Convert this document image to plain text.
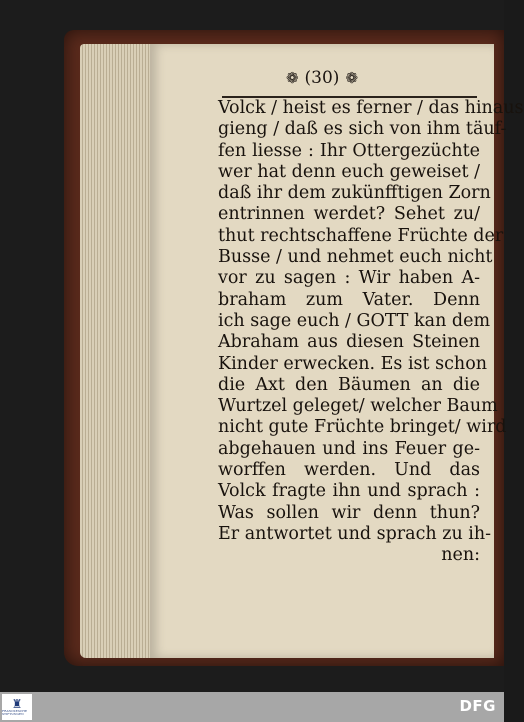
❁ (30) ❁
Volck / heist es ferner / das hinaus
gieng / daß es sich von ihm täuf-
fen liesse : Ihr Ottergezüchte
wer hat denn euch geweiset /
daß ihr dem zukünfftigen Zorn
entrinnen werdet? Sehet zu/
thut rechtschaffene Früchte der
Busse / und nehmet euch nicht
vor zu sagen : Wir haben A-
braham zum Vater. Denn
ich sage euch / GOTT kan dem
Abraham aus diesen Steinen
Kinder erwecken. Es ist schon
die Axt den Bäumen an die
Wurtzel geleget/ welcher Baum
nicht gute Früchte bringet/ wird
abgehauen und ins Feuer ge-
worffen werden. Und das
Volck fragte ihn und sprach :
Was sollen wir denn thun?
Er antwortet und sprach zu ih-
nen:
♜
FRANCKESCHE STIFTUNGEN	DFG
